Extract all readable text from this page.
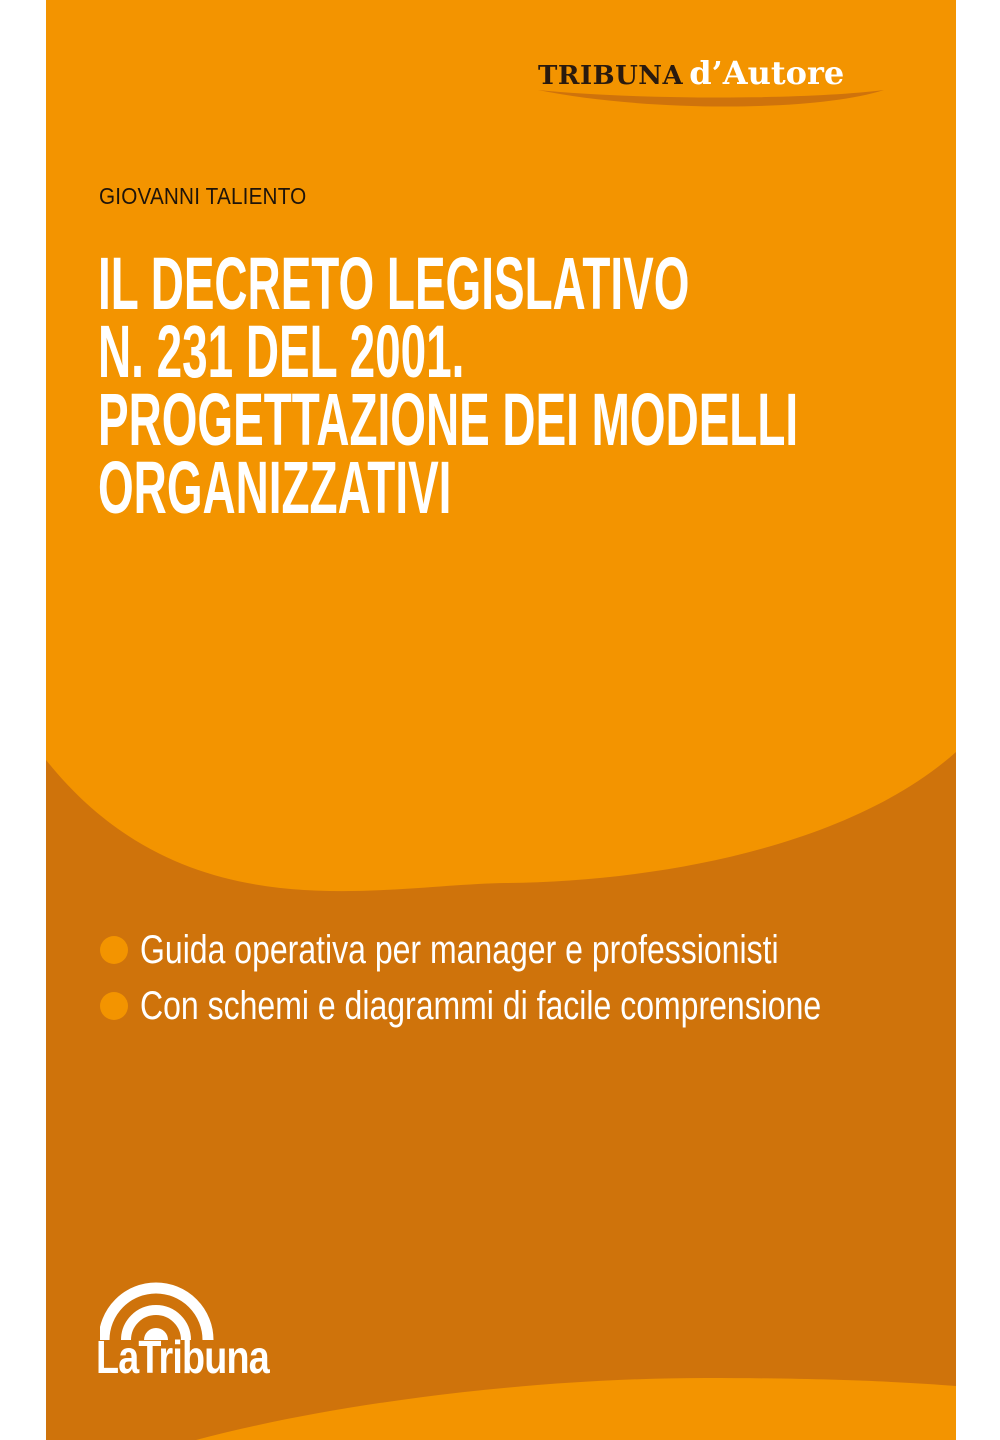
TRIBUNA d’Autore
GIOVANNI TALIENTO
IL DECRETO LEGISLATIVO
N. 231 DEL 2001.
PROGETTAZIONE DEI MODELLI
ORGANIZZATIVI
Guida operativa per manager e professionisti
Con schemi e diagrammi di facile comprensione
LaTribuna
